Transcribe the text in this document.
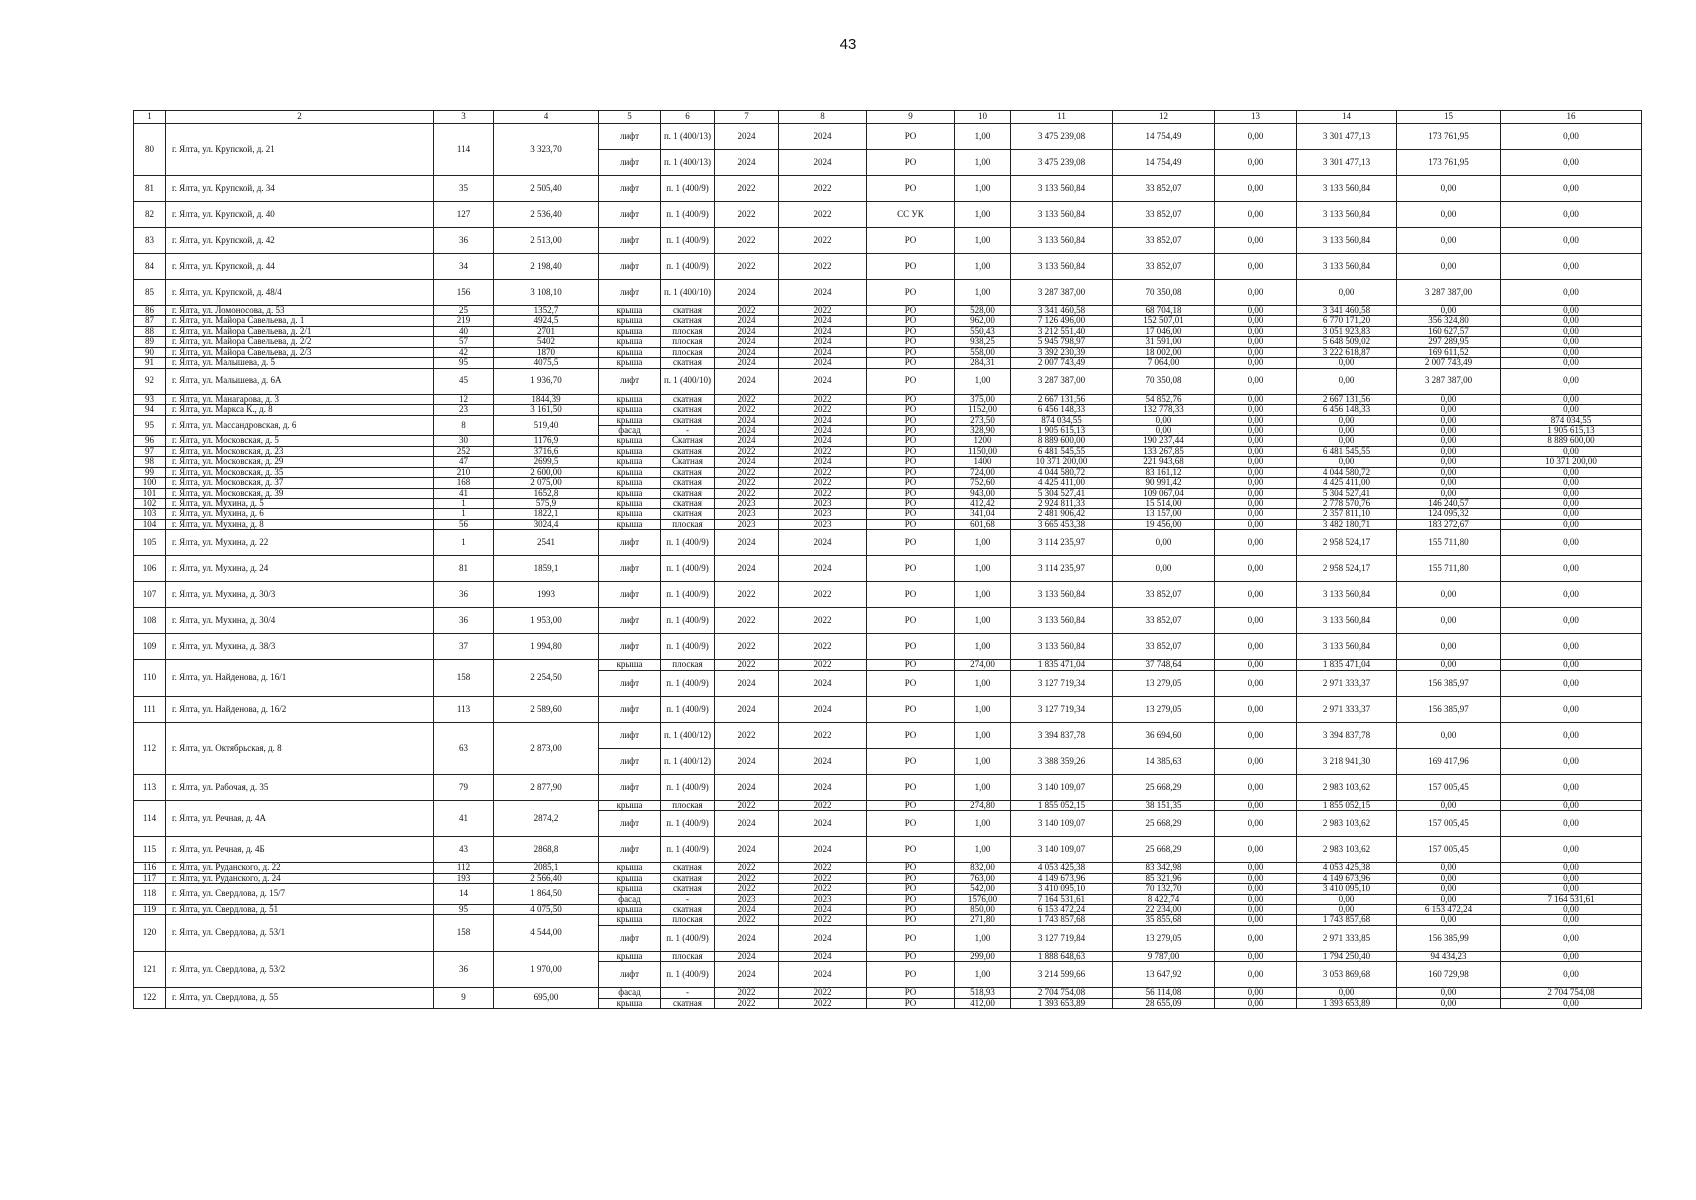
43
1	2	3	4	5	6	7	8	9	10	11	12	13	14	15	16
80	г. Ялта, ул. Крупской, д. 21	114	3 323,70	лифт	п. 1 (400/13)	2024	2024	РО	1,00	3 475 239,08	14 754,49	0,00	3 301 477,13	173 761,95	0,00
				лифт	п. 1 (400/13)	2024	2024	РО	1,00	3 475 239,08	14 754,49	0,00	3 301 477,13	173 761,95	0,00
81	г. Ялта, ул. Крупской, д. 34	35	2 505,40	лифт	п. 1 (400/9)	2022	2022	РО	1,00	3 133 560,84	33 852,07	0,00	3 133 560,84	0,00	0,00
82	г. Ялта, ул. Крупской, д. 40	127	2 536,40	лифт	п. 1 (400/9)	2022	2022	СС УК	1,00	3 133 560,84	33 852,07	0,00	3 133 560,84	0,00	0,00
83	г. Ялта, ул. Крупской, д. 42	36	2 513,00	лифт	п. 1 (400/9)	2022	2022	РО	1,00	3 133 560,84	33 852,07	0,00	3 133 560,84	0,00	0,00
84	г. Ялта, ул. Крупской, д. 44	34	2 198,40	лифт	п. 1 (400/9)	2022	2022	РО	1,00	3 133 560,84	33 852,07	0,00	3 133 560,84	0,00	0,00
85	г. Ялта, ул. Крупской, д. 48/4	156	3 108,10	лифт	п. 1 (400/10)	2024	2024	РО	1,00	3 287 387,00	70 350,08	0,00	0,00	3 287 387,00	0,00
86	г. Ялта, ул. Ломоносова, д. 53	25	1352,7	крыша	скатная	2022	2022	РО	528,00	3 341 460,58	68 704,18	0,00	3 341 460,58	0,00	0,00
87	г. Ялта, ул. Майора Савельева, д. 1	219	4924,5	крыша	скатная	2024	2024	РО	962,00	7 126 496,00	152 507,01	0,00	6 770 171,20	356 324,80	0,00
88	г. Ялта, ул. Майора Савельева, д. 2/1	40	2701	крыша	плоская	2024	2024	РО	550,43	3 212 551,40	17 046,00	0,00	3 051 923,83	160 627,57	0,00
89	г. Ялта, ул. Майора Савельева, д. 2/2	57	5402	крыша	плоская	2024	2024	РО	938,25	5 945 798,97	31 591,00	0,00	5 648 509,02	297 289,95	0,00
90	г. Ялта, ул. Майора Савельева, д. 2/3	42	1870	крыша	плоская	2024	2024	РО	558,00	3 392 230,39	18 002,00	0,00	3 222 618,87	169 611,52	0,00
91	г. Ялта, ул. Малышева, д. 5	95	4075,5	крыша	скатная	2024	2024	РО	284,31	2 007 743,49	7 064,00	0,00	0,00	2 007 743,49	0,00
92	г. Ялта, ул. Малышева, д. 6А	45	1 936,70	лифт	п. 1 (400/10)	2024	2024	РО	1,00	3 287 387,00	70 350,08	0,00	0,00	3 287 387,00	0,00
93	г. Ялта, ул. Манагарова, д. 3	12	1844,39	крыша	скатная	2022	2022	РО	375,00	2 667 131,56	54 852,76	0,00	2 667 131,56	0,00	0,00
94	г. Ялта, ул. Маркса К., д. 8	23	3 161,50	крыша	скатная	2022	2022	РО	1152,00	6 456 148,33	132 778,33	0,00	6 456 148,33	0,00	0,00
95	г. Ялта, ул. Массандровская, д. 6	8	519,40	крыша	скатная	2024	2024	РО	273,50	874 034,55	0,00	0,00	0,00	0,00	874 034,55
				фасад	-	2024	2024	РО	328,90	1 905 615,13	0,00	0,00	0,00	0,00	1 905 615,13
96	г. Ялта, ул. Московская, д. 5	30	1176,9	крыша	Скатная	2024	2024	РО	1200	8 889 600,00	190 237,44	0,00	0,00	0,00	8 889 600,00
97	г. Ялта, ул. Московская, д. 23	252	3716,6	крыша	скатная	2022	2022	РО	1150,00	6 481 545,55	133 267,85	0,00	6 481 545,55	0,00	0,00
98	г. Ялта, ул. Московская, д. 29	47	2699,5	крыша	Скатная	2024	2024	РО	1400	10 371 200,00	221 943,68	0,00	0,00	0,00	10 371 200,00
99	г. Ялта, ул. Московская, д. 35	210	2 600,00	крыша	скатная	2022	2022	РО	724,00	4 044 580,72	83 161,12	0,00	4 044 580,72	0,00	0,00
100	г. Ялта, ул. Московская, д. 37	168	2 075,00	крыша	скатная	2022	2022	РО	752,60	4 425 411,00	90 991,42	0,00	4 425 411,00	0,00	0,00
101	г. Ялта, ул. Московская, д. 39	41	1652,8	крыша	скатная	2022	2022	РО	943,00	5 304 527,41	109 067,04	0,00	5 304 527,41	0,00	0,00
102	г. Ялта, ул. Мухина, д. 5	1	575,9	крыша	скатная	2023	2023	РО	412,42	2 924 811,33	15 514,00	0,00	2 778 570,76	146 240,57	0,00
103	г. Ялта, ул. Мухина, д. 6	1	1822,1	крыша	скатная	2023	2023	РО	341,04	2 481 906,42	13 157,00	0,00	2 357 811,10	124 095,32	0,00
104	г. Ялта, ул. Мухина, д. 8	56	3024,4	крыша	плоская	2023	2023	РО	601,68	3 665 453,38	19 456,00	0,00	3 482 180,71	183 272,67	0,00
105	г. Ялта, ул. Мухина, д. 22	1	2541	лифт	п. 1 (400/9)	2024	2024	РО	1,00	3 114 235,97	0,00	0,00	2 958 524,17	155 711,80	0,00
106	г. Ялта, ул. Мухина, д. 24	81	1859,1	лифт	п. 1 (400/9)	2024	2024	РО	1,00	3 114 235,97	0,00	0,00	2 958 524,17	155 711,80	0,00
107	г. Ялта, ул. Мухина, д. 30/3	36	1993	лифт	п. 1 (400/9)	2022	2022	РО	1,00	3 133 560,84	33 852,07	0,00	3 133 560,84	0,00	0,00
108	г. Ялта, ул. Мухина, д. 30/4	36	1 953,00	лифт	п. 1 (400/9)	2022	2022	РО	1,00	3 133 560,84	33 852,07	0,00	3 133 560,84	0,00	0,00
109	г. Ялта, ул. Мухина, д. 38/3	37	1 994,80	лифт	п. 1 (400/9)	2022	2022	РО	1,00	3 133 560,84	33 852,07	0,00	3 133 560,84	0,00	0,00
110	г. Ялта, ул. Найденова, д. 16/1	158	2 254,50	крыша	плоская	2022	2022	РО	274,00	1 835 471,04	37 748,64	0,00	1 835 471,04	0,00	0,00
				лифт	п. 1 (400/9)	2024	2024	РО	1,00	3 127 719,34	13 279,05	0,00	2 971 333,37	156 385,97	0,00
111	г. Ялта, ул. Найденова, д. 16/2	113	2 589,60	лифт	п. 1 (400/9)	2024	2024	РО	1,00	3 127 719,34	13 279,05	0,00	2 971 333,37	156 385,97	0,00
112	г. Ялта, ул. Октябрьская, д. 8	63	2 873,00	лифт	п. 1 (400/12)	2022	2022	РО	1,00	3 394 837,78	36 694,60	0,00	3 394 837,78	0,00	0,00
				лифт	п. 1 (400/12)	2024	2024	РО	1,00	3 388 359,26	14 385,63	0,00	3 218 941,30	169 417,96	0,00
113	г. Ялта, ул. Рабочая, д. 35	79	2 877,90	лифт	п. 1 (400/9)	2024	2024	РО	1,00	3 140 109,07	25 668,29	0,00	2 983 103,62	157 005,45	0,00
114	г. Ялта, ул. Речная, д. 4А	41	2874,2	крыша	плоская	2022	2022	РО	274,80	1 855 052,15	38 151,35	0,00	1 855 052,15	0,00	0,00
				лифт	п. 1 (400/9)	2024	2024	РО	1,00	3 140 109,07	25 668,29	0,00	2 983 103,62	157 005,45	0,00
115	г. Ялта, ул. Речная, д. 4Б	43	2868,8	лифт	п. 1 (400/9)	2024	2024	РО	1,00	3 140 109,07	25 668,29	0,00	2 983 103,62	157 005,45	0,00
116	г. Ялта, ул. Руданского, д. 22	112	2085,1	крыша	скатная	2022	2022	РО	832,00	4 053 425,38	83 342,98	0,00	4 053 425,38	0,00	0,00
117	г. Ялта, ул. Руданского, д. 24	193	2 566,40	крыша	скатная	2022	2022	РО	763,00	4 149 673,96	85 321,96	0,00	4 149 673,96	0,00	0,00
118	г. Ялта, ул. Свердлова, д. 15/7	14	1 864,50	крыша	скатная	2022	2022	РО	542,00	3 410 095,10	70 132,70	0,00	3 410 095,10	0,00	0,00
				фасад	-	2023	2023	РО	1576,00	7 164 531,61	8 422,74	0,00	0,00	0,00	7 164 531,61
119	г. Ялта, ул. Свердлова, д. 51	95	4 075,50	крыша	скатная	2024	2024	РО	850,00	6 153 472,24	22 234,00	0,00	0,00	6 153 472,24	0,00
120	г. Ялта, ул. Свердлова, д. 53/1	158	4 544,00	крыша	плоская	2022	2022	РО	271,80	1 743 857,68	35 855,68	0,00	1 743 857,68	0,00	0,00
				лифт	п. 1 (400/9)	2024	2024	РО	1,00	3 127 719,84	13 279,05	0,00	2 971 333,85	156 385,99	0,00
121	г. Ялта, ул. Свердлова, д. 53/2	36	1 970,00	крыша	плоская	2024	2024	РО	299,00	1 888 648,63	9 787,00	0,00	1 794 250,40	94 434,23	0,00
				лифт	п. 1 (400/9)	2024	2024	РО	1,00	3 214 599,66	13 647,92	0,00	3 053 869,68	160 729,98	0,00
122	г. Ялта, ул. Свердлова, д. 55	9	695,00	фасад	-	2022	2022	РО	518,93	2 704 754,08	56 114,08	0,00	0,00	0,00	2 704 754,08
				крыша	скатная	2022	2022	РО	412,00	1 393 653,89	28 655,09	0,00	1 393 653,89	0,00	0,00
